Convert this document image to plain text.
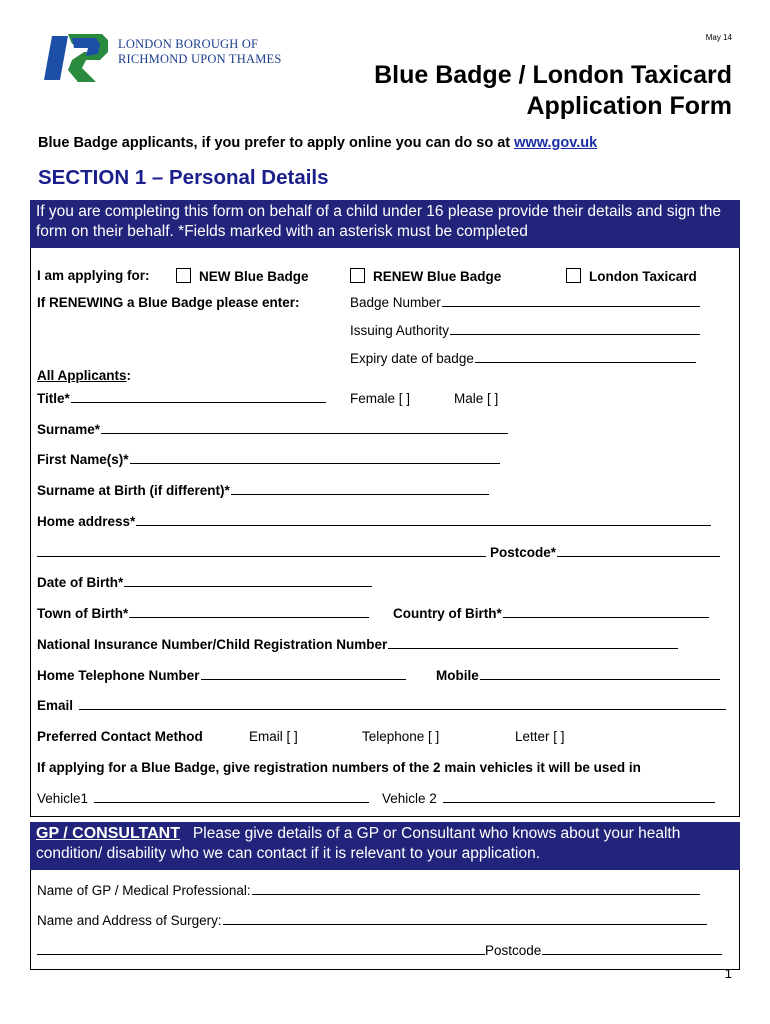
LONDON BOROUGH OF
RICHMOND UPON THAMES
May 14
Blue Badge / London Taxicard
Application Form
Blue Badge applicants, if you prefer to apply online you can do so at www.gov.uk
SECTION 1 – Personal Details
If you are completing this form on behalf of a child under 16 please provide their details and sign the form on their behalf. *Fields marked with an asterisk must be completed
I am applying for:	NEW Blue Badge	RENEW Blue Badge	London Taxicard
If RENEWING a Blue Badge please enter:	Badge Number
Issuing Authority
Expiry date of badge
All Applicants:
Title*	Female [ ]	Male [ ]
Surname*
First Name(s)*
Surname at Birth (if different)*
Home address*
Postcode*
Date of Birth*
Town of Birth*	Country of Birth*
National Insurance Number/Child Registration Number
Home Telephone Number	Mobile
Email
Preferred Contact Method	Email [ ]	Telephone [ ]	Letter [ ]
If applying for a Blue Badge, give registration numbers of the 2 main vehicles it will be used in
Vehicle1	Vehicle 2
GP / CONSULTANT Please give details of a GP or Consultant who knows about your health condition/ disability who we can contact if it is relevant to your application.
Name of GP / Medical Professional:
Name and Address of Surgery:
Postcode
1
